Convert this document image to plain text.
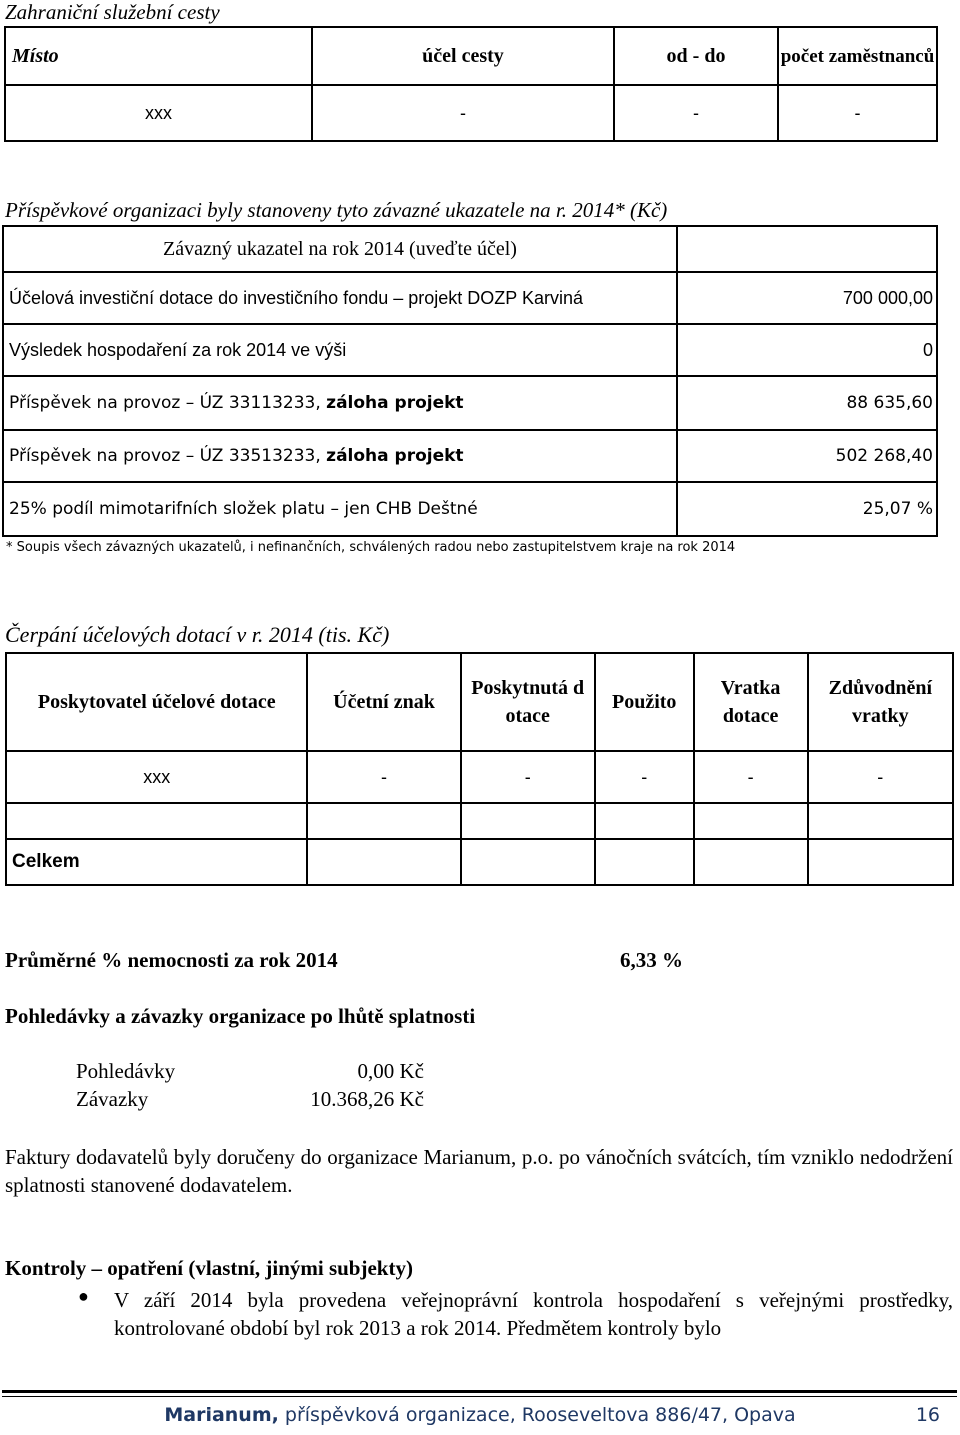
Zahraniční služební cesty
Místo	účel cesty	od - do	počet zaměstnanců
xxx	-	-	-
Příspěvkové organizaci byly stanoveny tyto závazné ukazatele na r. 2014* (Kč)
Závazný ukazatel na rok 2014 (uveďte účel)	
Účelová investiční dotace do investičního fondu – projekt DOZP Karviná	700 000,00
Výsledek hospodaření za rok 2014 ve výši	0
Příspěvek na provoz – ÚZ 33113233, záloha projekt	88 635,60
Příspěvek na provoz – ÚZ 33513233, záloha projekt	502 268,40
25% podíl mimotarifních složek platu – jen CHB Deštné	25,07 %
* Soupis všech závazných ukazatelů, i nefinančních, schválených radou nebo zastupitelstvem kraje na rok 2014
Čerpání účelových dotací v r. 2014 (tis. Kč)
Poskytovatel účelové dotace	Účetní znak	Poskytnutá dotace	Použito	Vratka dotace	Zdůvodnění vratky
xxx	-	-	-	-	-

Celkem					
Průměrné % nemocnosti za rok 2014	6,33 %
Pohledávky a závazky organizace po lhůtě splatnosti
Pohledávky	0,00 Kč
Závazky	10.368,26 Kč
Faktury dodavatelů byly doručeny do organizace Marianum, p.o. po vánočních svátcích, tím vzniklo nedodržení splatnosti stanovené dodavatelem.
Kontroly – opatření (vlastní, jinými subjekty)
● V září 2014 byla provedena veřejnoprávní kontrola hospodaření s veřejnými prostředky, kontrolované období byl rok 2013 a rok 2014. Předmětem kontroly bylo
Marianum, příspěvková organizace, Rooseveltova 886/47, Opava	16
